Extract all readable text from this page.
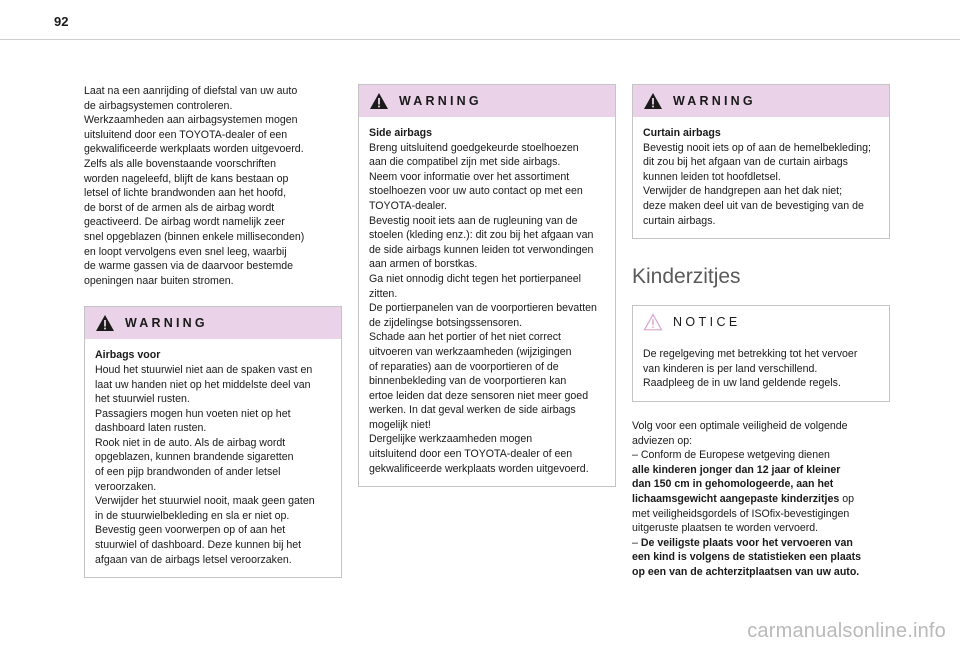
92
Laat na een aanrijding of diefstal van uw auto
de airbagsystemen controleren.
Werkzaamheden aan airbagsystemen mogen
uitsluitend door een TOYOTA-dealer of een
gekwalificeerde werkplaats worden uitgevoerd.
Zelfs als alle bovenstaande voorschriften
worden nageleefd, blijft de kans bestaan op
letsel of lichte brandwonden aan het hoofd,
de borst of de armen als de airbag wordt
geactiveerd. De airbag wordt namelijk zeer
snel opgeblazen (binnen enkele milliseconden)
en loopt vervolgens even snel leeg, waarbij
de warme gassen via de daarvoor bestemde
openingen naar buiten stromen.
WARNING
Airbags voor
Houd het stuurwiel niet aan de spaken vast en
laat uw handen niet op het middelste deel van
het stuurwiel rusten.
Passagiers mogen hun voeten niet op het
dashboard laten rusten.
Rook niet in de auto. Als de airbag wordt
opgeblazen, kunnen brandende sigaretten
of een pijp brandwonden of ander letsel
veroorzaken.
Verwijder het stuurwiel nooit, maak geen gaten
in de stuurwielbekleding en sla er niet op.
Bevestig geen voorwerpen op of aan het
stuurwiel of dashboard. Deze kunnen bij het
afgaan van de airbags letsel veroorzaken.
WARNING
Side airbags
Breng uitsluitend goedgekeurde stoelhoezen
aan die compatibel zijn met side airbags.
Neem voor informatie over het assortiment
stoelhoezen voor uw auto contact op met een
TOYOTA-dealer.
Bevestig nooit iets aan de rugleuning van de
stoelen (kleding enz.): dit zou bij het afgaan van
de side airbags kunnen leiden tot verwondingen
aan armen of borstkas.
Ga niet onnodig dicht tegen het portierpaneel
zitten.
De portierpanelen van de voorportieren bevatten
de zijdelingse botsingssensoren.
Schade aan het portier of het niet correct
uitvoeren van werkzaamheden (wijzigingen
of reparaties) aan de voorportieren of de
binnenbekleding van de voorportieren kan
ertoe leiden dat deze sensoren niet meer goed
werken. In dat geval werken de side airbags
mogelijk niet!
Dergelijke werkzaamheden mogen
uitsluitend door een TOYOTA-dealer of een
gekwalificeerde werkplaats worden uitgevoerd.
WARNING
Curtain airbags
Bevestig nooit iets op of aan de hemelbekleding;
dit zou bij het afgaan van de curtain airbags
kunnen leiden tot hoofdletsel.
Verwijder de handgrepen aan het dak niet;
deze maken deel uit van de bevestiging van de
curtain airbags.
Kinderzitjes
NOTICE
De regelgeving met betrekking tot het vervoer
van kinderen is per land verschillend.
Raadpleeg de in uw land geldende regels.
Volg voor een optimale veiligheid de volgende
adviezen op:
– Conform de Europese wetgeving dienen
alle kinderen jonger dan 12 jaar of kleiner
dan 150 cm in gehomologeerde, aan het
lichaamsgewicht aangepaste kinderzitjes op
met veiligheidsgordels of ISOfix-bevestigingen
uitgeruste plaatsen te worden vervoerd.
– De veiligste plaats voor het vervoeren van
een kind is volgens de statistieken een plaats
op een van de achterzitplaatsen van uw auto.
carmanualsonline.info
